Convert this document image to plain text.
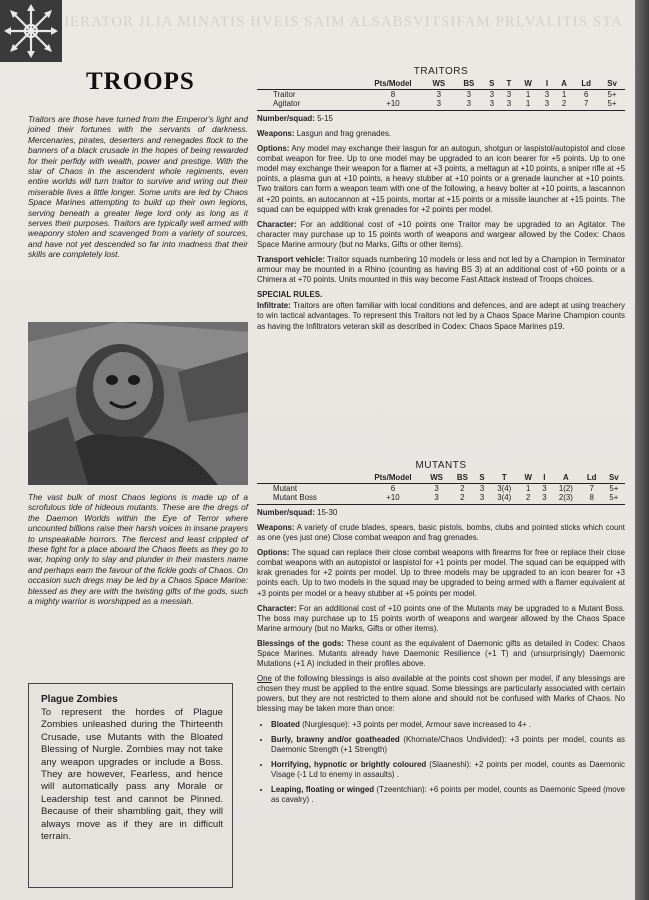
IERATOR JLIA MINATIS HVEIS SAIM ALSABSVITSIFAM PRLVALITIS STA
TROOPS
Traitors are those have turned from the Emperor's light and joined their fortunes with the servants of darkness. Mercenaries, pirates, deserters and renegades flock to the banners of a black crusade in the hopes of being rewarded for their perfidy with wealth, power and prestige. With the star of Chaos in the ascendent whole regiments, even entire worlds will turn traitor to survive and wring out their miserable lives a little longer. Some units are led by Chaos Space Marines attempting to build up their own legions, serving beneath a greater liege lord only as long as it serves their purposes. Traitors are typically well armed with weaponry stolen and scavenged from a variety of sources, and have not yet descended so far into madness that their skills are completely lost.
The vast bulk of most Chaos legions is made up of a scrofulous tide of hideous mutants. These are the dregs of the Daemon Worlds within the Eye of Terror where uncounted billions raise their harsh voices in insane prayers to unspeakable horrors. The fiercest and least crippled of these fight for a place aboard the Chaos fleets as they go to war, hoping only to slay and plunder in their masters name and perhaps earn the favour of the fickle gods of Chaos. On occasion such dregs may be led by a Chaos Space Marine: blessed as they are with the twisting gifts of the gods, such a mighty warrior is worshipped as a messiah.
Plague Zombies
To represent the hordes of Plague Zombies unleashed during the Thirteenth Crusade, use Mutants with the Bloated Blessing of Nurgle. Zombies may not take any weapon upgrades or include a Boss. They are however, Fearless, and hence will automatically pass any Morale or Leadership test and cannot be Pinned. Because of their shambling gait, they will always move as if they are in difficult terrain.
TRAITORS
	Pts/Model	WS	BS	S	T	W	I	A	Ld	Sv
Traitor	8	3	3	3	3	1	3	1	6	5+
Agitator	+10	3	3	3	3	1	3	2	7	5+

Number/squad: 5-15

Weapons: Lasgun and frag grenades.

Options: Any model may exchange their lasgun for an autogun, shotgun or laspistol/autopistol and close combat weapon for free. Up to one model may be upgraded to an icon bearer for +5 points. Up to one model may exchange their weapon for a flamer at +3 points, a meltagun at +10 points, a sniper rifle at +5 points, a plasma gun at +10 points, a heavy stubber at +10 points or a grenade launcher at +10 points. Two traitors can form a weapon team with one of the following, a heavy bolter at +10 points, a lascannon at +20 points, an autocannon at +15 points, mortar at +15 points or a missile launcher at +15 points. The squad can be equipped with krak grenades for +2 points per model.

Character: For an additional cost of +10 points one Traitor may be upgraded to an Agitator. The character may purchase up to 15 points worth of weapons and wargear allowed by the Codex: Chaos Space Marine armoury (but no Marks, Gifts or other items).

Transport vehicle: Traitor squads numbering 10 models or less and not led by a Champion in Terminator armour may be mounted in a Rhino (counting as having BS 3) at an additional cost of +50 points or a Chimera at +70 points. Units mounted in this way become Fast Attack instead of Troops choices.

SPECIAL RULES.

Infiltrate: Traitors are often familiar with local conditions and defences, and are adept at using treachery to win tactical advantages. To represent this Traitors not led by a Chaos Space Marine Champion counts as having the Infiltrators veteran skill as described in Codex: Chaos Space Marines p19.

MUTANTS
	Pts/Model	WS	BS	S	T	W	I	A	Ld	Sv
Mutant	6	3	2	3	3(4)	1	3	1(2)	7	5+
Mutant Boss	+10	3	2	3	3(4)	2	3	2(3)	8	5+

Number/squad: 15-30

Weapons: A variety of crude blades, spears, basic pistols, bombs, clubs and pointed sticks which count as one (yes just one) Close combat weapon and frag grenades.

Options: The squad can replace their close combat weapons with firearms for free or replace their close combat weapons with an autopistol or laspistol for +1 points per model. The squad can be equipped with krak grenades for +2 points per model. Up to three models may be upgraded to an icon bearer for +3 points each. Up to two models in the squad may be upgraded to being armed with a flamer equivalent at +3 points per model or a heavy stubber at +5 points per model.

Character: For an additional cost of +10 points one of the Mutants may be upgraded to a Mutant Boss. The boss may purchase up to 15 points worth of weapons and wargear allowed by the Chaos Space Marine armoury (but no Marks, Gifts or other items).

Blessings of the gods: These count as the equivalent of Daemonic gifts as detailed in Codex: Chaos Space Marines. Mutants already have Daemonic Resilience (+1 T) and (unsurprisingly) Daemonic Mutations (+1 A) included in their profiles above.

One of the following blessings is also available at the points cost shown per model, if any blessings are chosen they must be applied to the entire squad. Some blessings are particularly associated with certain powers, but they are not restricted to them alone and should not be confused with Marks of Chaos. No blessing may be taken more than once:

• Bloated (Nurglesque): +3 points per model, Armour save increased to 4+ .
• Burly, brawny and/or goatheaded (Khornate/Chaos Undivided): +3 points per model, counts as Daemonic Strength (+1 Strength)
• Horrifying, hypnotic or brightly coloured (Slaaneshi): +2 points per model, counts as Daemonic Visage (-1 Ld to enemy in assaults) .
• Leaping, floating or winged (Tzeentchian): +6 points per model, counts as Daemonic Speed (move as cavalry) .
